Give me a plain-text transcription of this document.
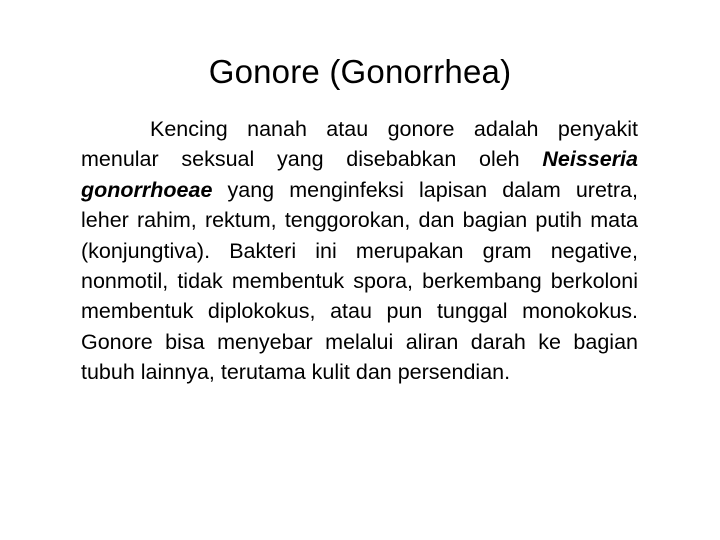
Gonore (Gonorrhea)

Kencing nanah atau gonore adalah penyakit menular seksual yang disebabkan oleh Neisseria gonorrhoeae yang menginfeksi lapisan dalam uretra, leher rahim, rektum, tenggorokan, dan bagian putih mata (konjungtiva). Bakteri ini merupakan gram negative, nonmotil, tidak membentuk spora, berkembang berkoloni membentuk diplokokus, atau pun tunggal monokokus. Gonore bisa menyebar melalui aliran darah ke bagian tubuh lainnya, terutama kulit dan persendian.
